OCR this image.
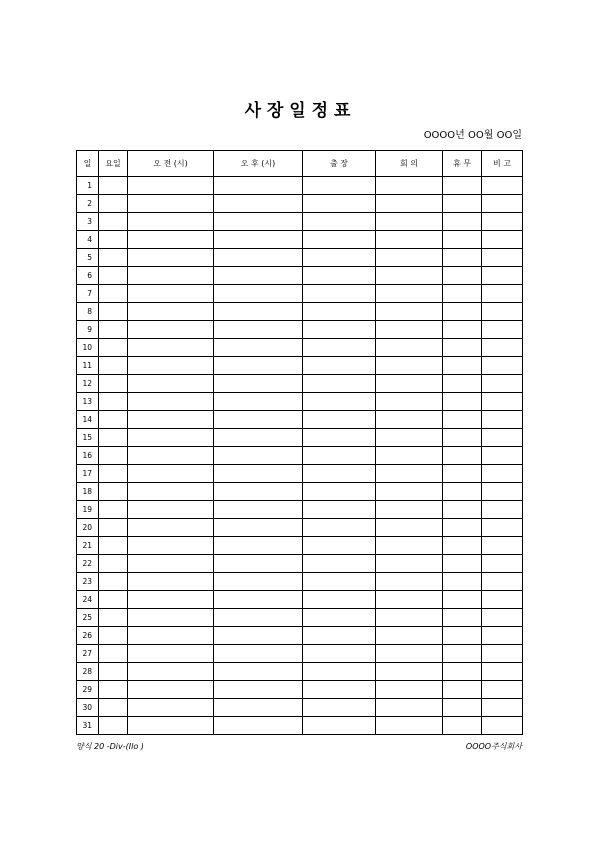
사 장 일 정 표
OOOO년 OO월 OO일
일	요일	오 전 (시)	오 후 (시)	출 장	회 의	휴 무	비 고
1							
2							
3							
4							
5							
6							
7							
8							
9							
10							
11							
12							
13							
14							
15							
16							
17							
18							
19							
20							
21							
22							
23							
24							
25							
26							
27							
28							
29							
30							
31							
양식 20 -Div-(Ilo )	OOOO주식회사
